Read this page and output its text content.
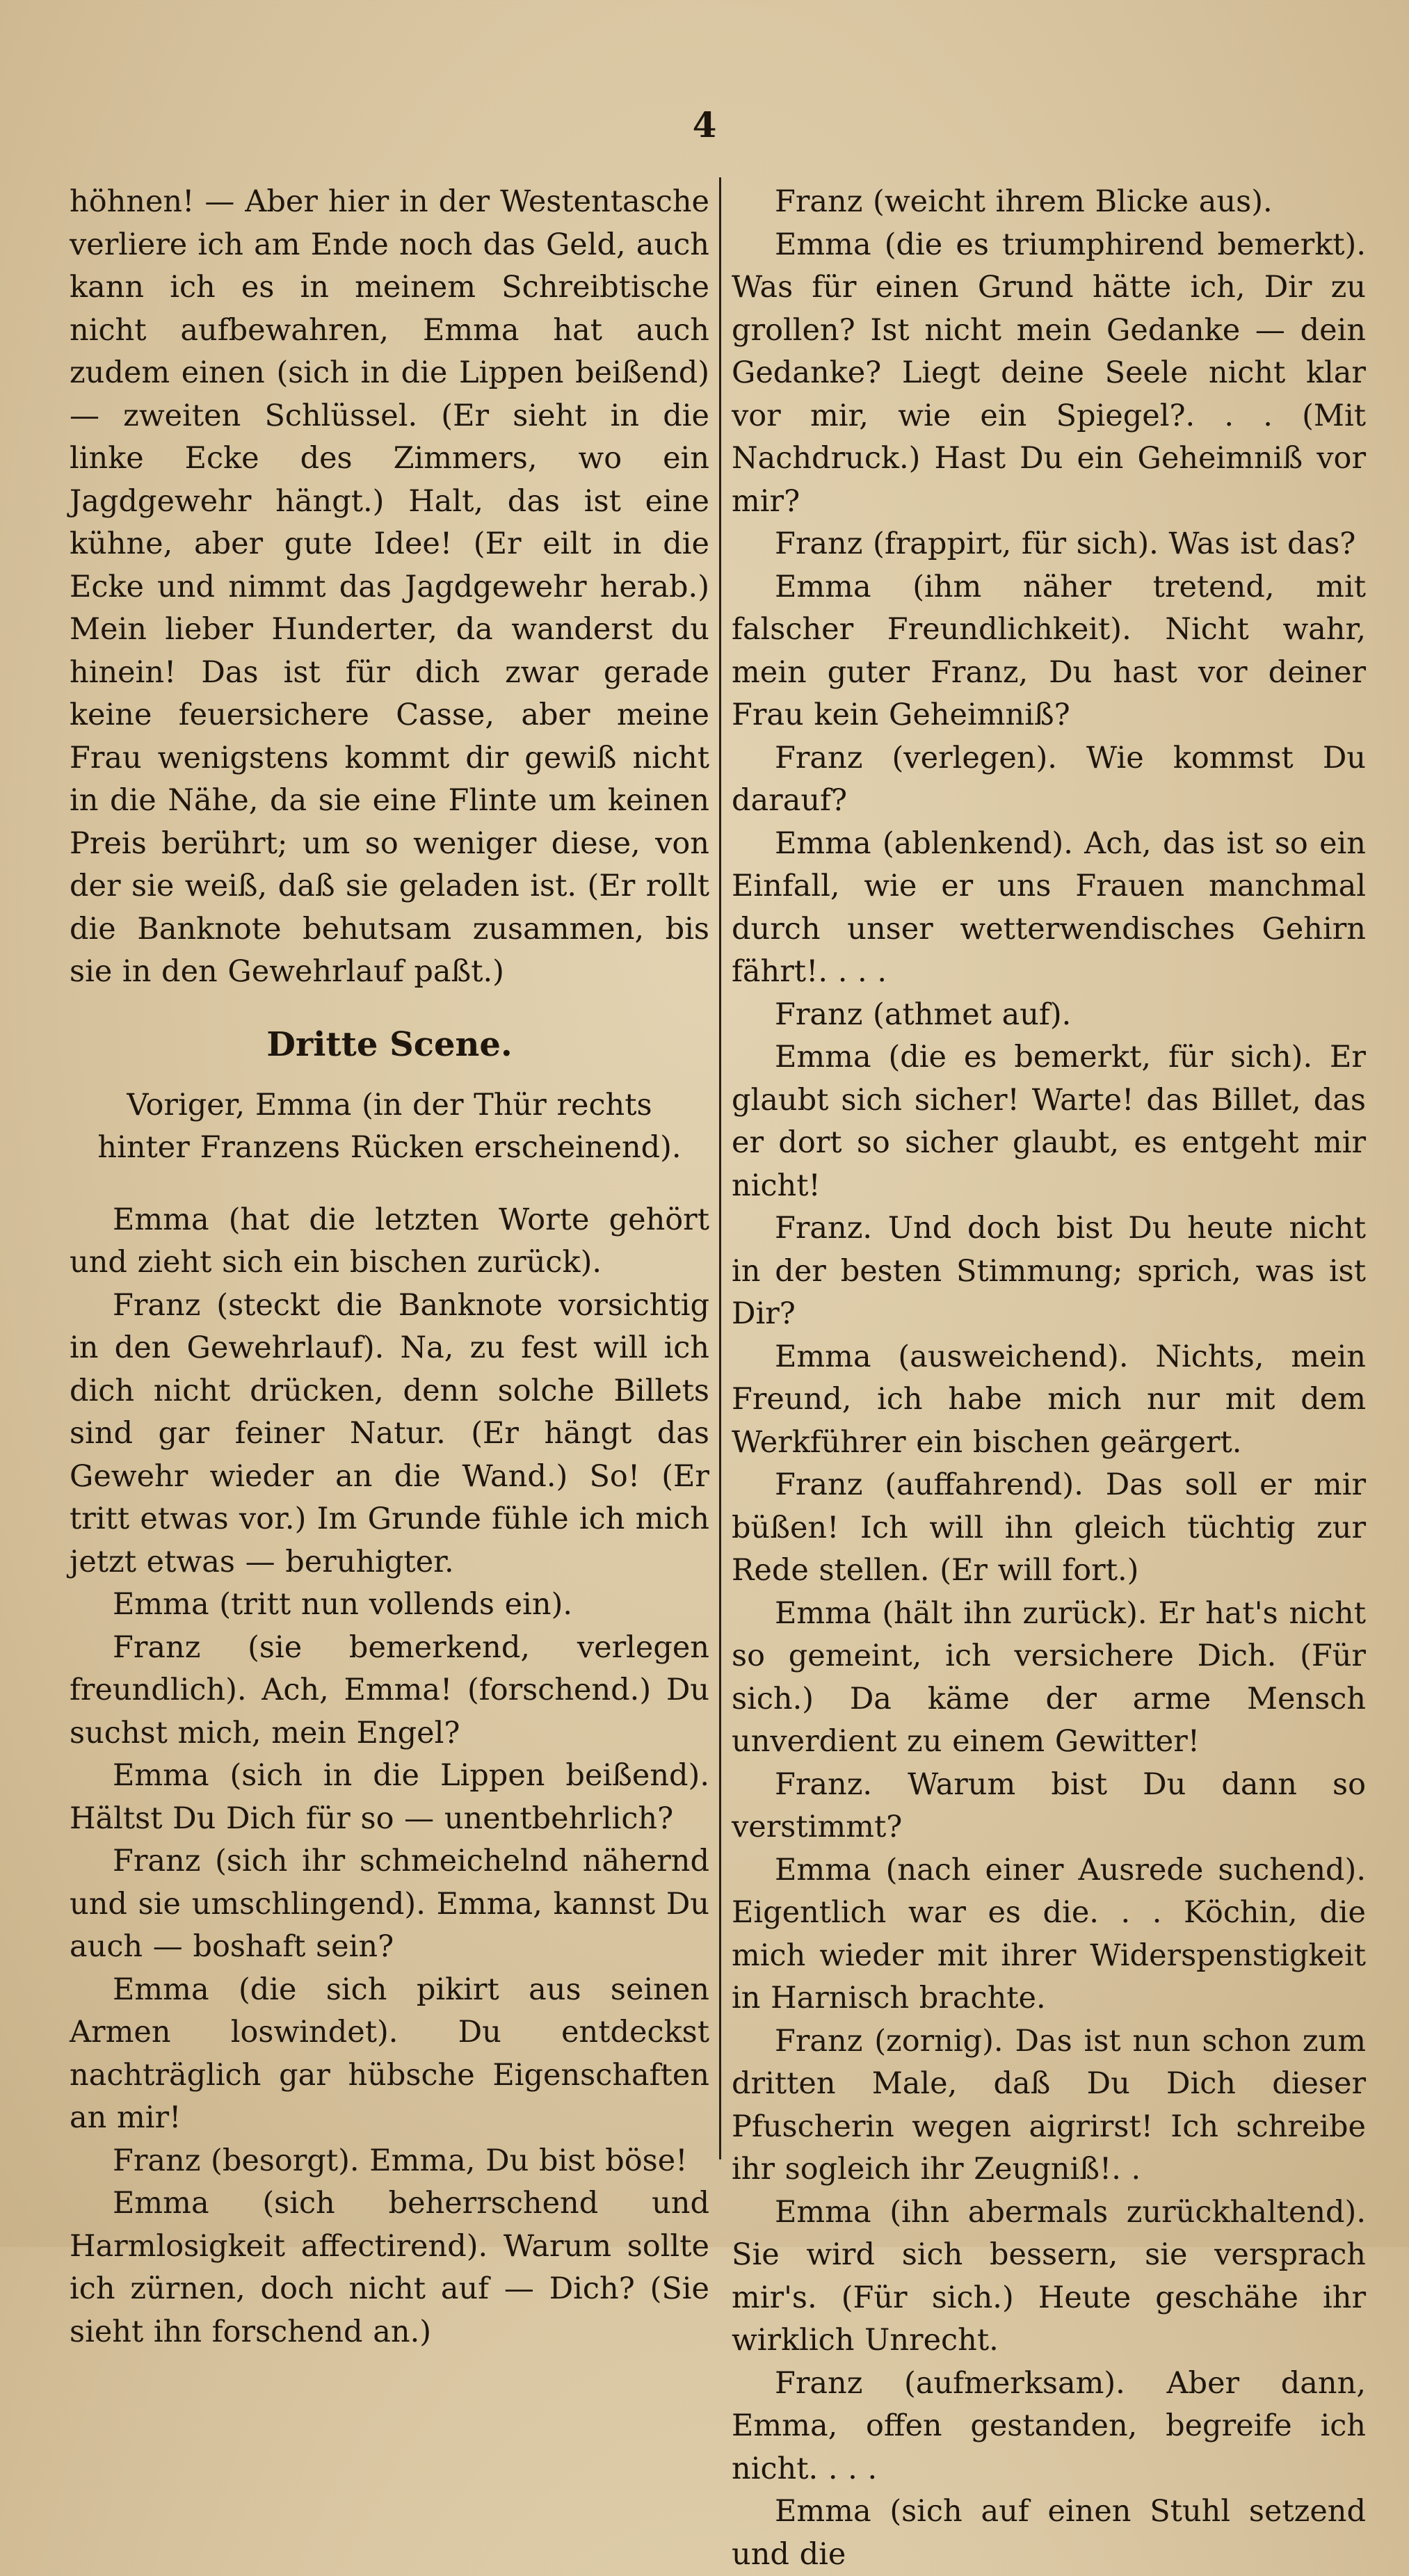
4

höhnen! — Aber hier in der Westentasche verliere ich am Ende noch das Geld, auch kann ich es in meinem Schreibtische nicht aufbewahren, Emma hat auch zudem einen (sich in die Lippen beißend) — zweiten Schlüssel. (Er sieht in die linke Ecke des Zimmers, wo ein Jagdgewehr hängt.) Halt, das ist eine kühne, aber gute Idee! (Er eilt in die Ecke und nimmt das Jagdgewehr herab.) Mein lieber Hunderter, da wanderst du hinein! Das ist für dich zwar gerade keine feuersichere Casse, aber meine Frau wenigstens kommt dir gewiß nicht in die Nähe, da sie eine Flinte um keinen Preis berührt; um so weniger diese, von der sie weiß, daß sie geladen ist. (Er rollt die Banknote behutsam zusammen, bis sie in den Gewehrlauf paßt.)

Dritte Scene.

Voriger, Emma (in der Thür rechts hinter Franzens Rücken erscheinend).

Emma (hat die letzten Worte gehört und zieht sich ein bischen zurück).

Franz (steckt die Banknote vorsichtig in den Gewehrlauf). Na, zu fest will ich dich nicht drücken, denn solche Billets sind gar feiner Natur. (Er hängt das Gewehr wieder an die Wand.) So! (Er tritt etwas vor.) Im Grunde fühle ich mich jetzt etwas — beruhigter.

Emma (tritt nun vollends ein).

Franz (sie bemerkend, verlegen freundlich). Ach, Emma! (forschend.) Du suchst mich, mein Engel?

Emma (sich in die Lippen beißend). Hältst Du Dich für so — unentbehrlich?

Franz (sich ihr schmeichelnd nähernd und sie umschlingend). Emma, kannst Du auch — boshaft sein?

Emma (die sich pikirt aus seinen Armen loswindet). Du entdeckst nachträglich gar hübsche Eigenschaften an mir!

Franz (besorgt). Emma, Du bist böse!

Emma (sich beherrschend und Harmlosigkeit affectirend). Warum sollte ich zürnen, doch nicht auf — Dich? (Sie sieht ihn forschend an.)

Franz (weicht ihrem Blicke aus).

Emma (die es triumphirend bemerkt). Was für einen Grund hätte ich, Dir zu grollen? Ist nicht mein Gedanke — dein Gedanke? Liegt deine Seele nicht klar vor mir, wie ein Spiegel?. . . (Mit Nachdruck.) Hast Du ein Geheimniß vor mir?

Franz (frappirt, für sich). Was ist das?

Emma (ihm näher tretend, mit falscher Freundlichkeit). Nicht wahr, mein guter Franz, Du hast vor deiner Frau kein Geheimniß?

Franz (verlegen). Wie kommst Du darauf?

Emma (ablenkend). Ach, das ist so ein Einfall, wie er uns Frauen manchmal durch unser wetterwendisches Gehirn fährt!. . . .

Franz (athmet auf).

Emma (die es bemerkt, für sich). Er glaubt sich sicher! Warte! das Billet, das er dort so sicher glaubt, es entgeht mir nicht!

Franz. Und doch bist Du heute nicht in der besten Stimmung; sprich, was ist Dir?

Emma (ausweichend). Nichts, mein Freund, ich habe mich nur mit dem Werkführer ein bischen geärgert.

Franz (auffahrend). Das soll er mir büßen! Ich will ihn gleich tüchtig zur Rede stellen. (Er will fort.)

Emma (hält ihn zurück). Er hat's nicht so gemeint, ich versichere Dich. (Für sich.) Da käme der arme Mensch unverdient zu einem Gewitter!

Franz. Warum bist Du dann so verstimmt?

Emma (nach einer Ausrede suchend). Eigentlich war es die. . . Köchin, die mich wieder mit ihrer Widerspenstigkeit in Harnisch brachte.

Franz (zornig). Das ist nun schon zum dritten Male, daß Du Dich dieser Pfuscherin wegen aigrirst! Ich schreibe ihr sogleich ihr Zeugniß!. .

Emma (ihn abermals zurückhaltend). Sie wird sich bessern, sie versprach mir's. (Für sich.) Heute geschähe ihr wirklich Unrecht.

Franz (aufmerksam). Aber dann, Emma, offen gestanden, begreife ich nicht. . . .

Emma (sich auf einen Stuhl setzend und die
